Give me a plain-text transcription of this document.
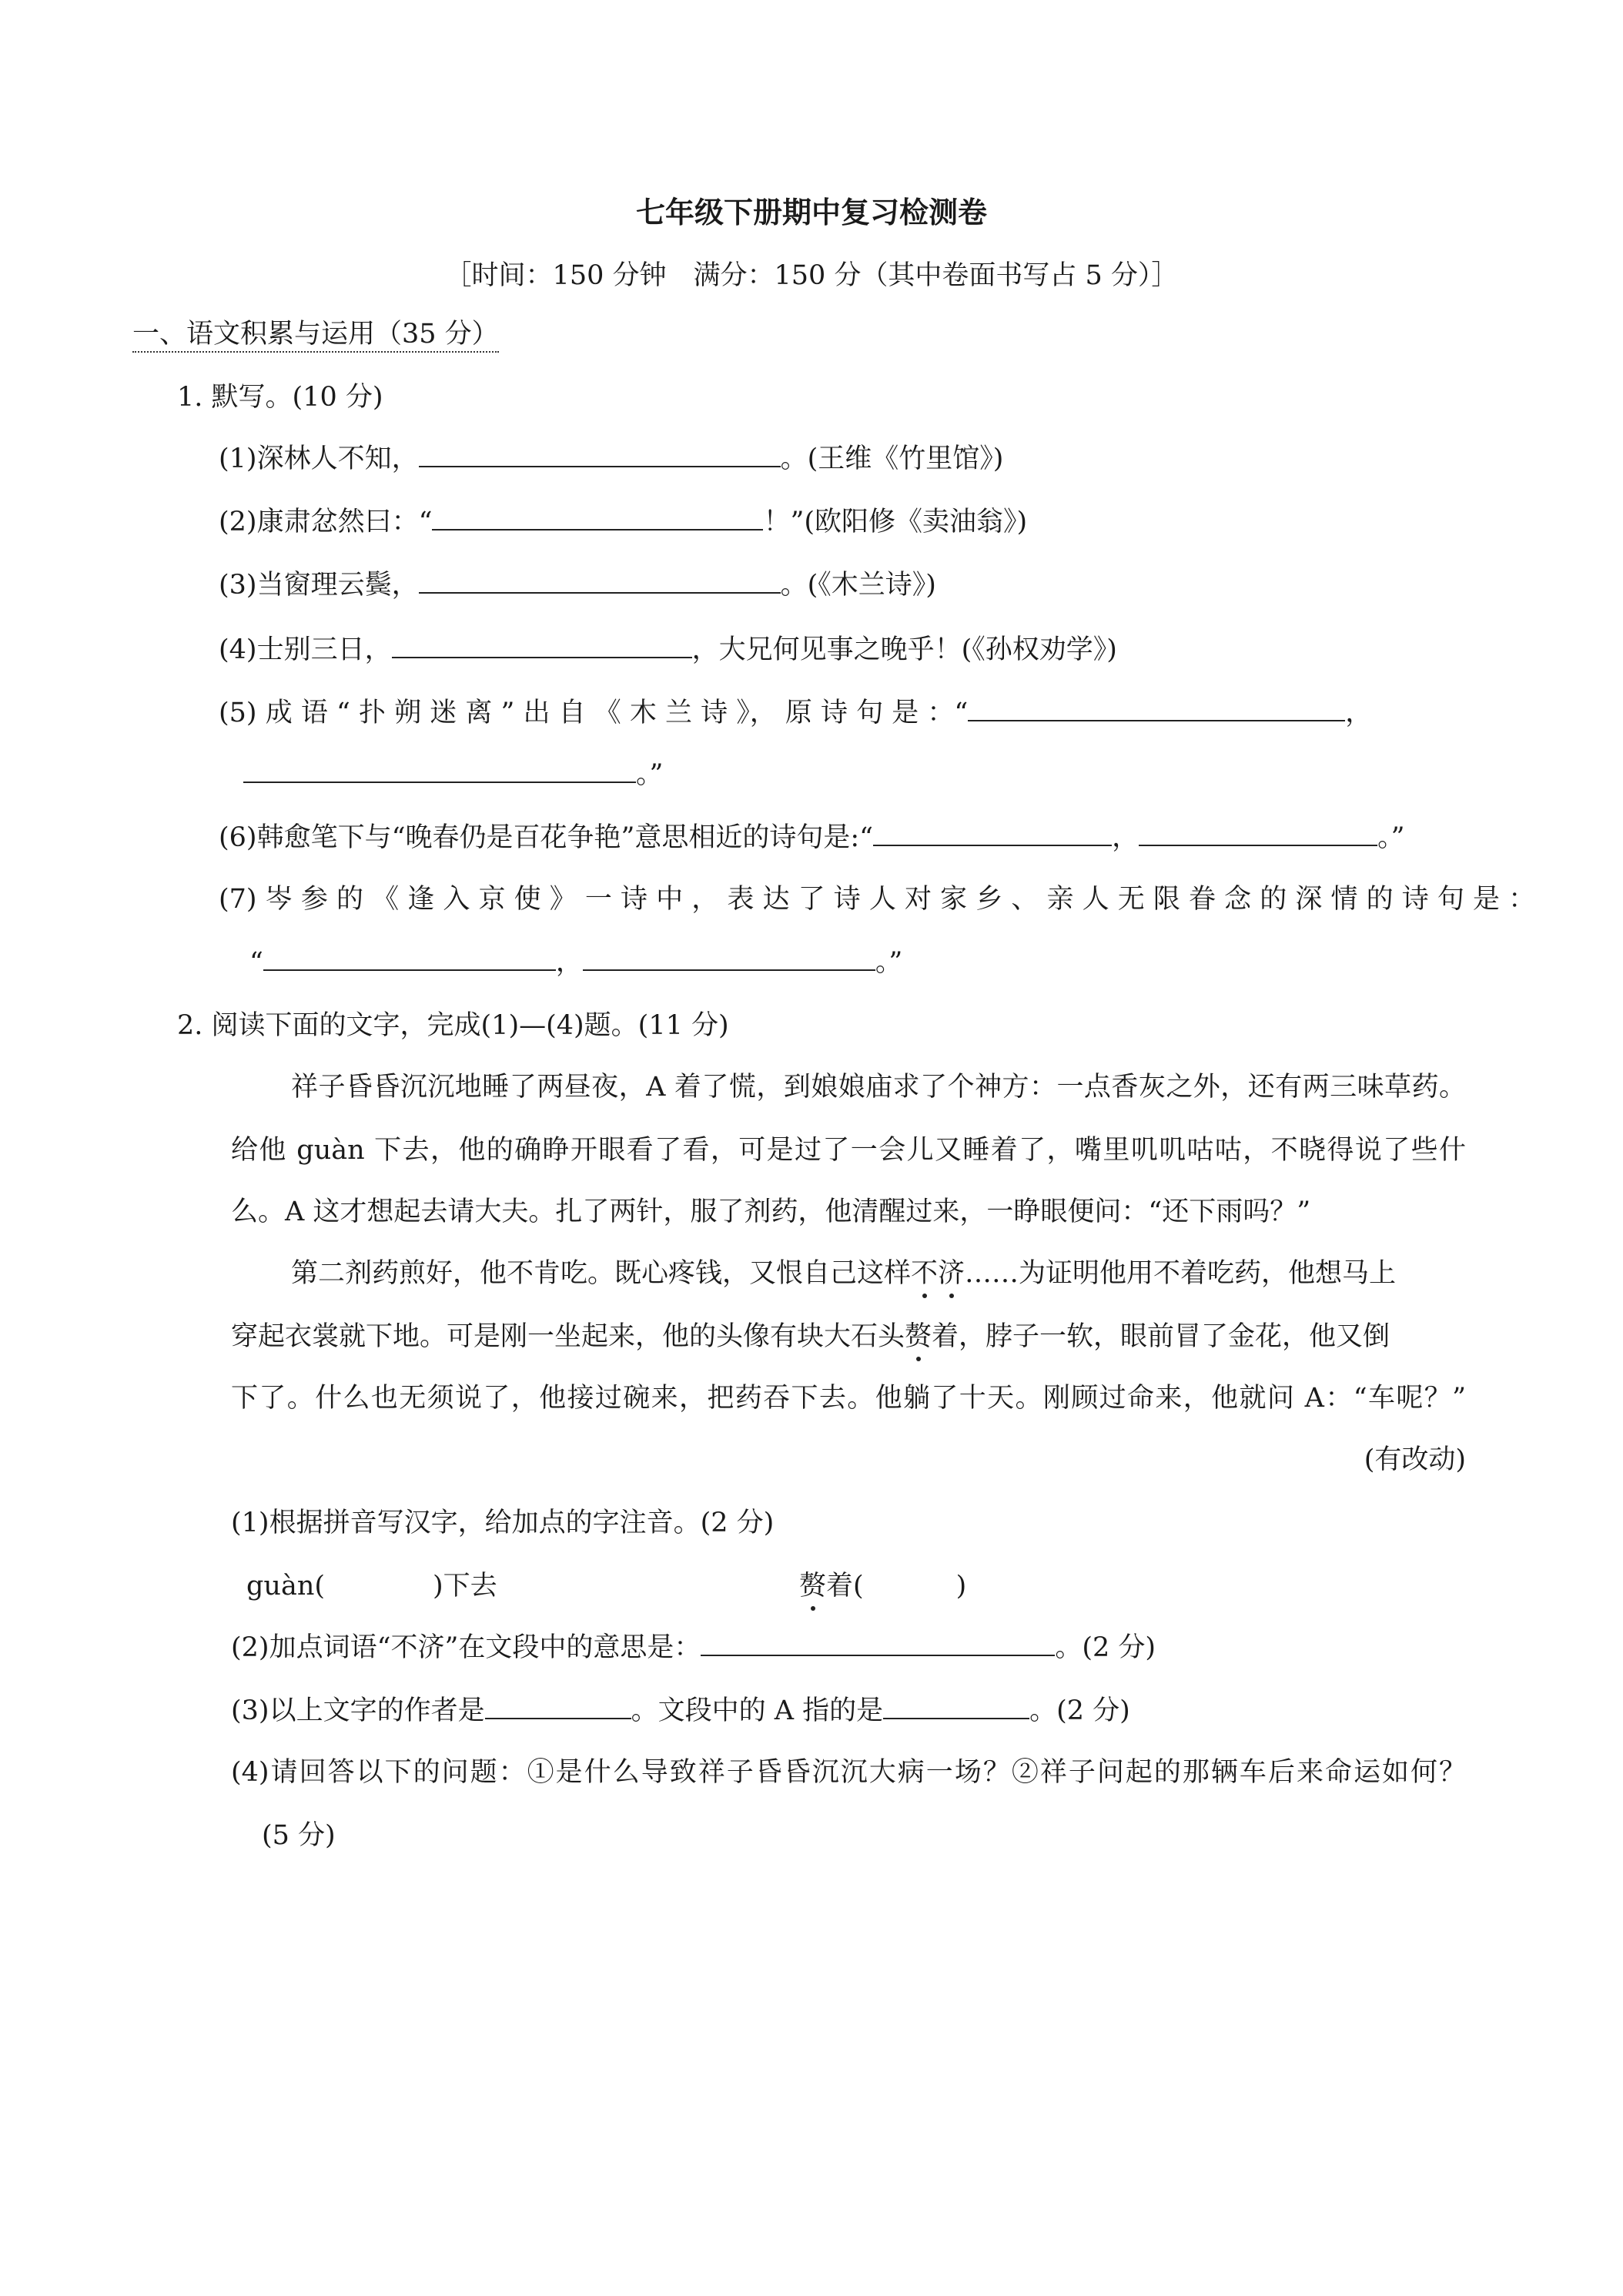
七年级下册期中复习检测卷
［时间：150 分钟　满分：150 分（其中卷面书写占 5 分）］
一、语文积累与运用（35 分）
1. 默写。(10 分)
(1)深林人不知，	。(王维《竹里馆》)
(2)康肃忿然曰：“	！”(欧阳修《卖油翁》)
(3)当窗理云鬓，	。(《木兰诗》)
(4)士别三日，	，大兄何见事之晚乎！(《孙权劝学》)
(5) 成 语 “ 扑 朔 迷 离 ” 出 自 《 木 兰 诗 》， 原 诗 句 是 ：“	，
。”
(6)韩愈笔下与“晚春仍是百花争艳”意思相近的诗句是:“	，	。”
(7) 岑 参 的 《 逢 入 京 使 》 一 诗 中 ， 表 达 了 诗 人 对 家 乡 、 亲 人 无 限 眷 念 的 深 情 的 诗 句 是 ：
“	，	。”
2. 阅读下面的文字，完成(1)—(4)题。(11 分)
祥子昏昏沉沉地睡了两昼夜，A 着了慌，到娘娘庙求了个神方：一点香灰之外，还有两三味草药。
给他 guàn 下去，他的确睁开眼看了看，可是过了一会儿又睡着了，嘴里叽叽咕咕，不晓得说了些什
么。A 这才想起去请大夫。扎了两针，服了剂药，他清醒过来，一睁眼便问：“还下雨吗？”
第二剂药煎好，他不肯吃。既心疼钱，又恨自己这样不济……为证明他用不着吃药，他想马上
穿起衣裳就下地。可是刚一坐起来，他的头像有块大石头赘着，脖子一软，眼前冒了金花，他又倒
下了。什么也无须说了，他接过碗来，把药吞下去。他躺了十天。刚顾过命来，他就问 A：“车呢？”
(有改动)
(1)根据拼音写汉字，给加点的字注音。(2 分)
guàn(	)下去	赘着(	)
(2)加点词语“不济”在文段中的意思是：	。(2 分)
(3)以上文字的作者是	。文段中的 A 指的是	。(2 分)
(4)请回答以下的问题：①是什么导致祥子昏昏沉沉大病一场？②祥子问起的那辆车后来命运如何？
(5 分)
